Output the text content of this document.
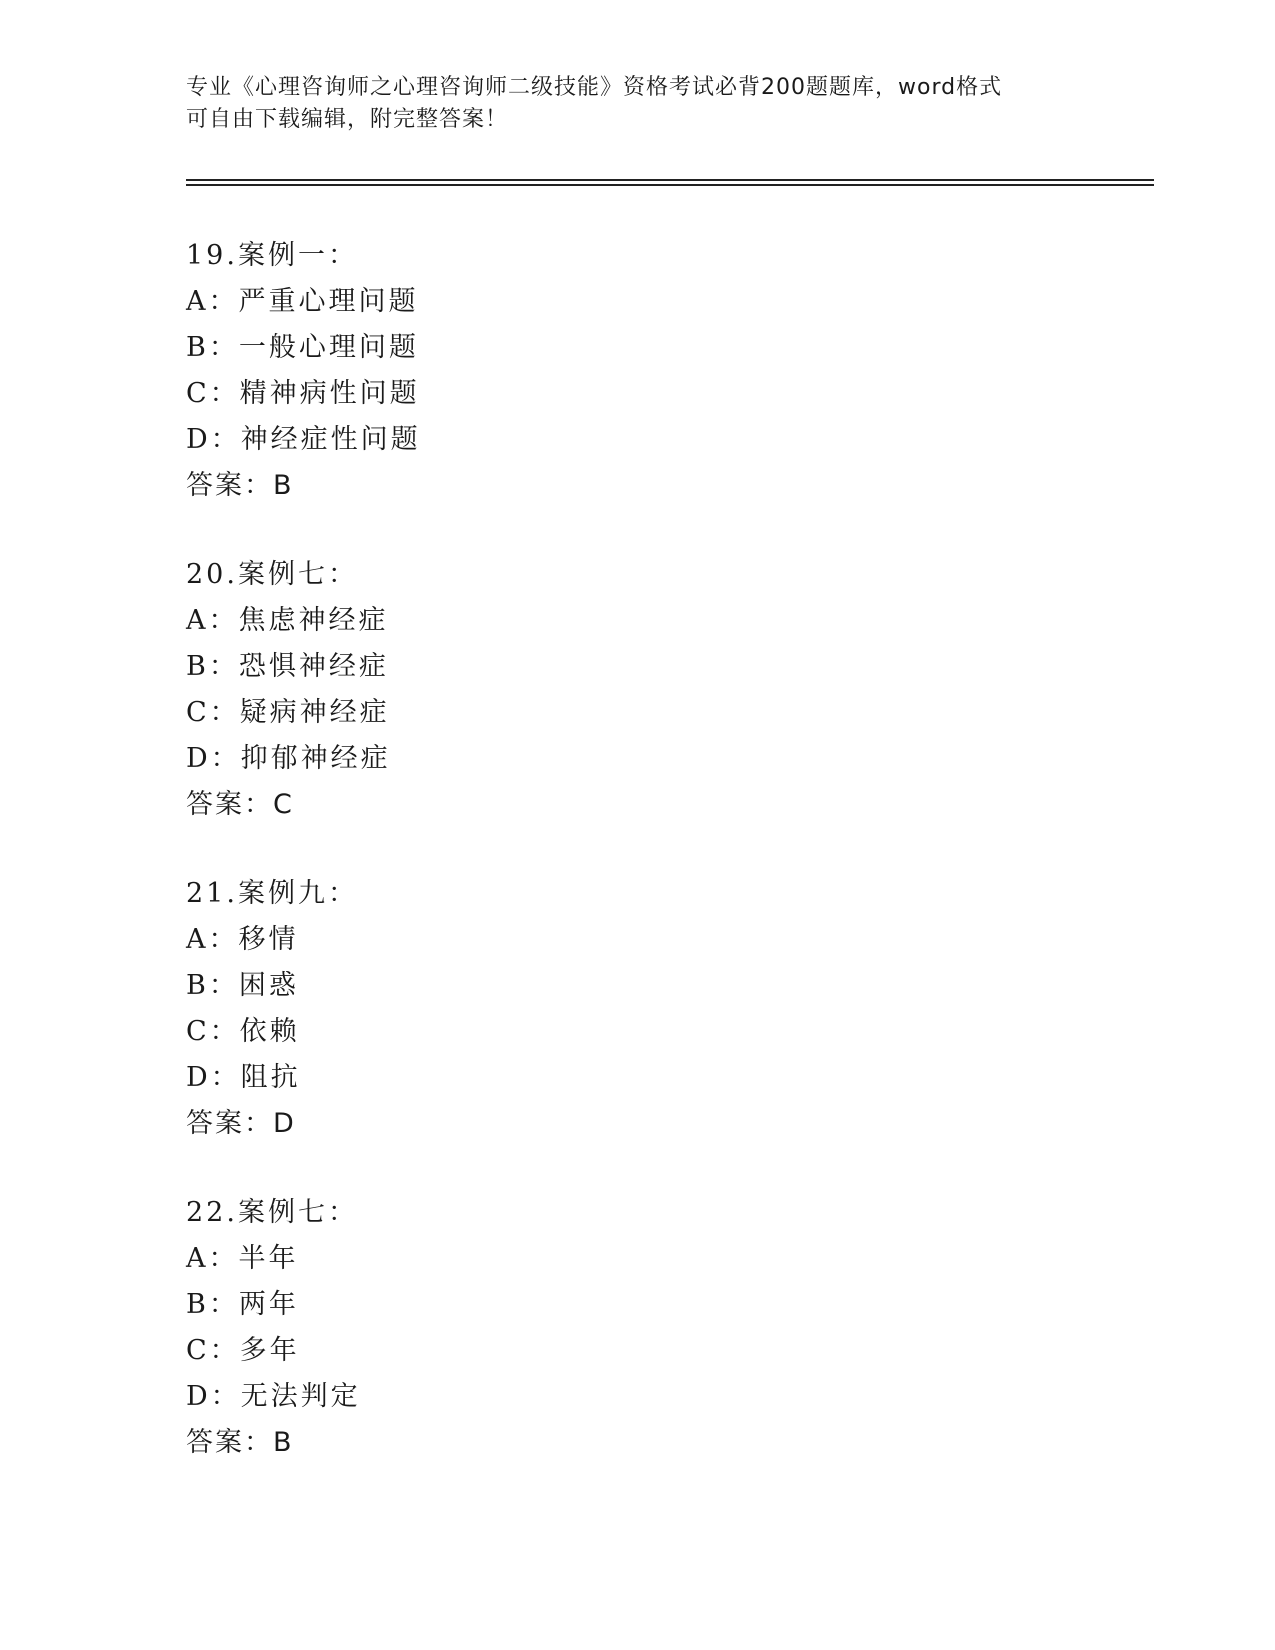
专业《心理咨询师之心理咨询师二级技能》资格考试必背200题题库，word格式
可自由下载编辑，附完整答案！
19.案例一：
A：严重心理问题
B：一般心理问题
C：精神病性问题
D：神经症性问题
答案：B
20.案例七：
A：焦虑神经症
B：恐惧神经症
C：疑病神经症
D：抑郁神经症
答案：C
21.案例九：
A：移情
B：困惑
C：依赖
D：阻抗
答案：D
22.案例七：
A：半年
B：两年
C：多年
D：无法判定
答案：B
